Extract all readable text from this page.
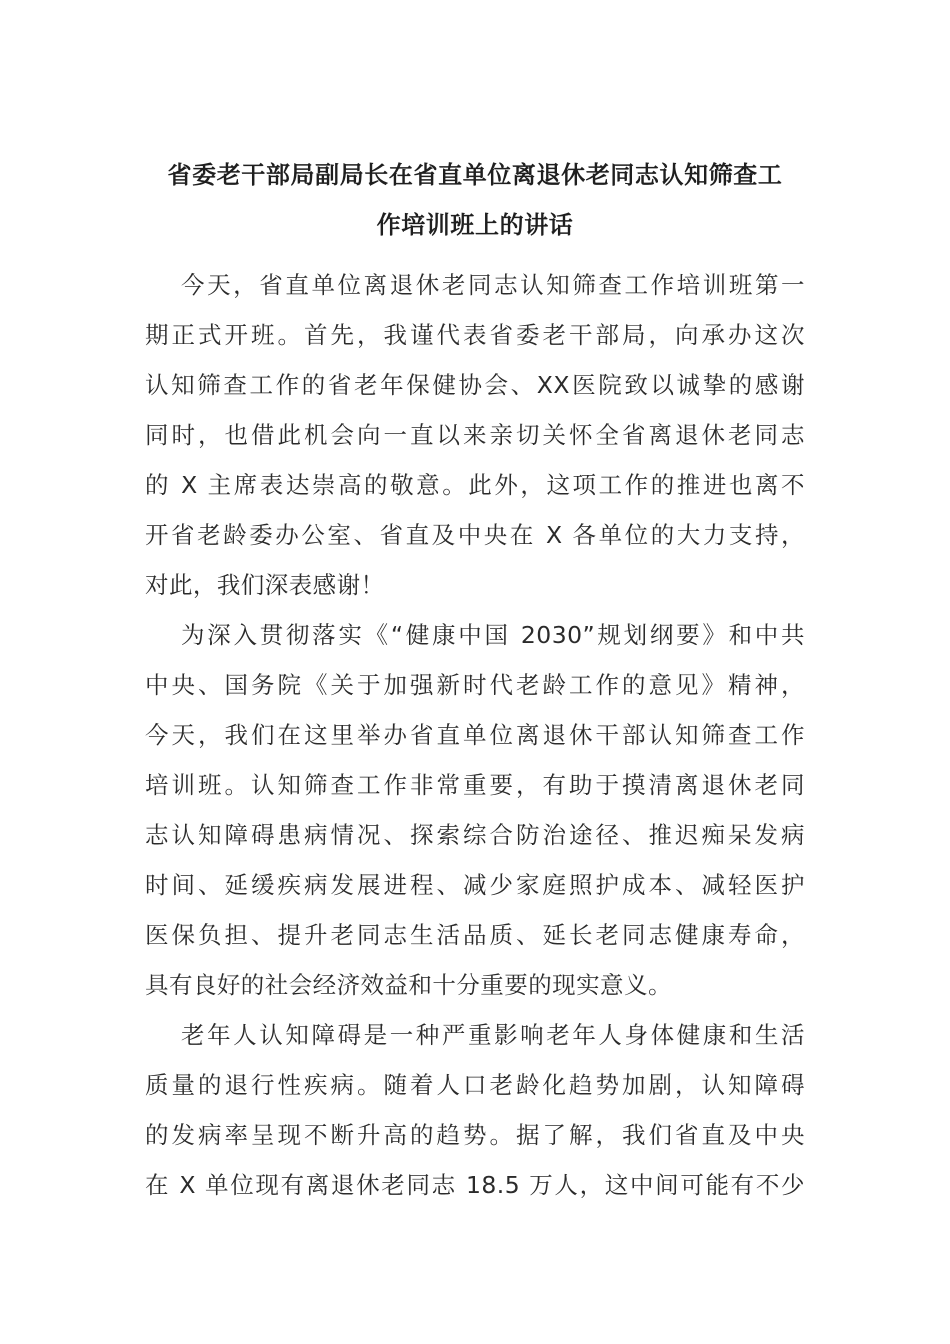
省委老干部局副局长在省直单位离退休老同志认知筛查工
作培训班上的讲话
今天，省直单位离退休老同志认知筛查工作培训班第一
期正式开班。首先，我谨代表省委老干部局，向承办这次
认知筛查工作的省老年保健协会、XX医院致以诚挚的感谢
同时，也借此机会向一直以来亲切关怀全省离退休老同志
的 X 主席表达崇高的敬意。此外，这项工作的推进也离不
开省老龄委办公室、省直及中央在 X 各单位的大力支持，
对此，我们深表感谢！
为深入贯彻落实《“健康中国 2030”规划纲要》和中共
中央、国务院《关于加强新时代老龄工作的意见》精神，
今天，我们在这里举办省直单位离退休干部认知筛查工作
培训班。认知筛查工作非常重要，有助于摸清离退休老同
志认知障碍患病情况、探索综合防治途径、推迟痴呆发病
时间、延缓疾病发展进程、减少家庭照护成本、减轻医护
医保负担、提升老同志生活品质、延长老同志健康寿命，
具有良好的社会经济效益和十分重要的现实意义。
老年人认知障碍是一种严重影响老年人身体健康和生活
质量的退行性疾病。随着人口老龄化趋势加剧，认知障碍
的发病率呈现不断升高的趋势。据了解，我们省直及中央
在 X 单位现有离退休老同志 18.5 万人，这中间可能有不少
